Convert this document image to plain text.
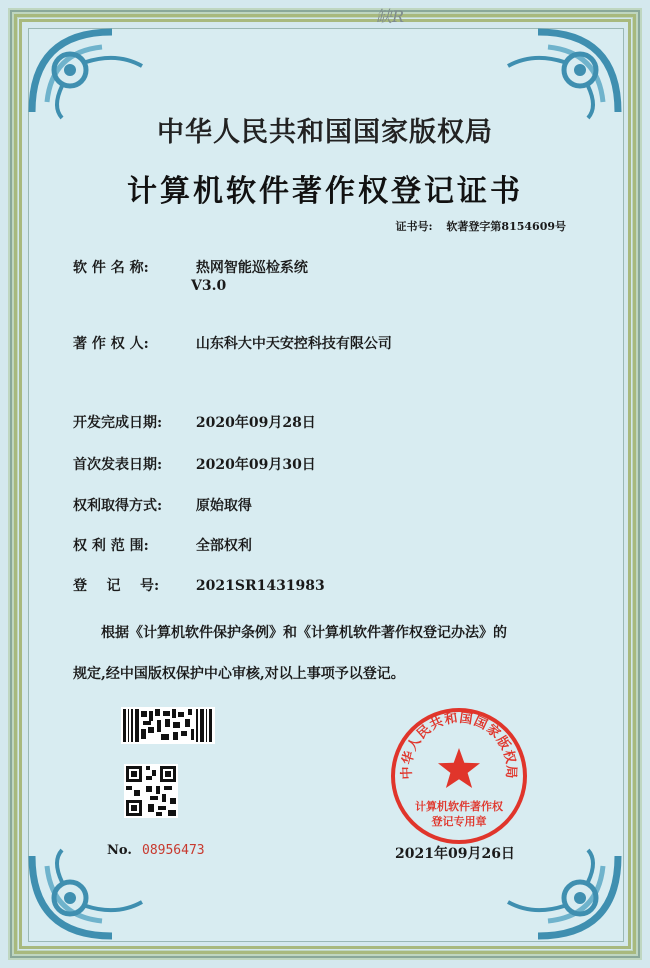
缺R
中华人民共和国国家版权局
计算机软件著作权登记证书
证书号: 软著登字第8154609号
软 件 名 称:	热网智能巡检系统
V3.0
著 作 权 人:	山东科大中天安控科技有限公司
开发完成日期: 2020年09月28日
首次发表日期: 2020年09月30日
权利取得方式: 原始取得
权 利 范 围:	全部权利
登    记    号:	2021SR1431983
根据《计算机软件保护条例》和《计算机软件著作权登记办法》的
规定,经中国版权保护中心审核,对以上事项予以登记。
No. 08956473
中华人民共和国国家版权局
计算机软件著作权
登记专用章
2021年09月26日
